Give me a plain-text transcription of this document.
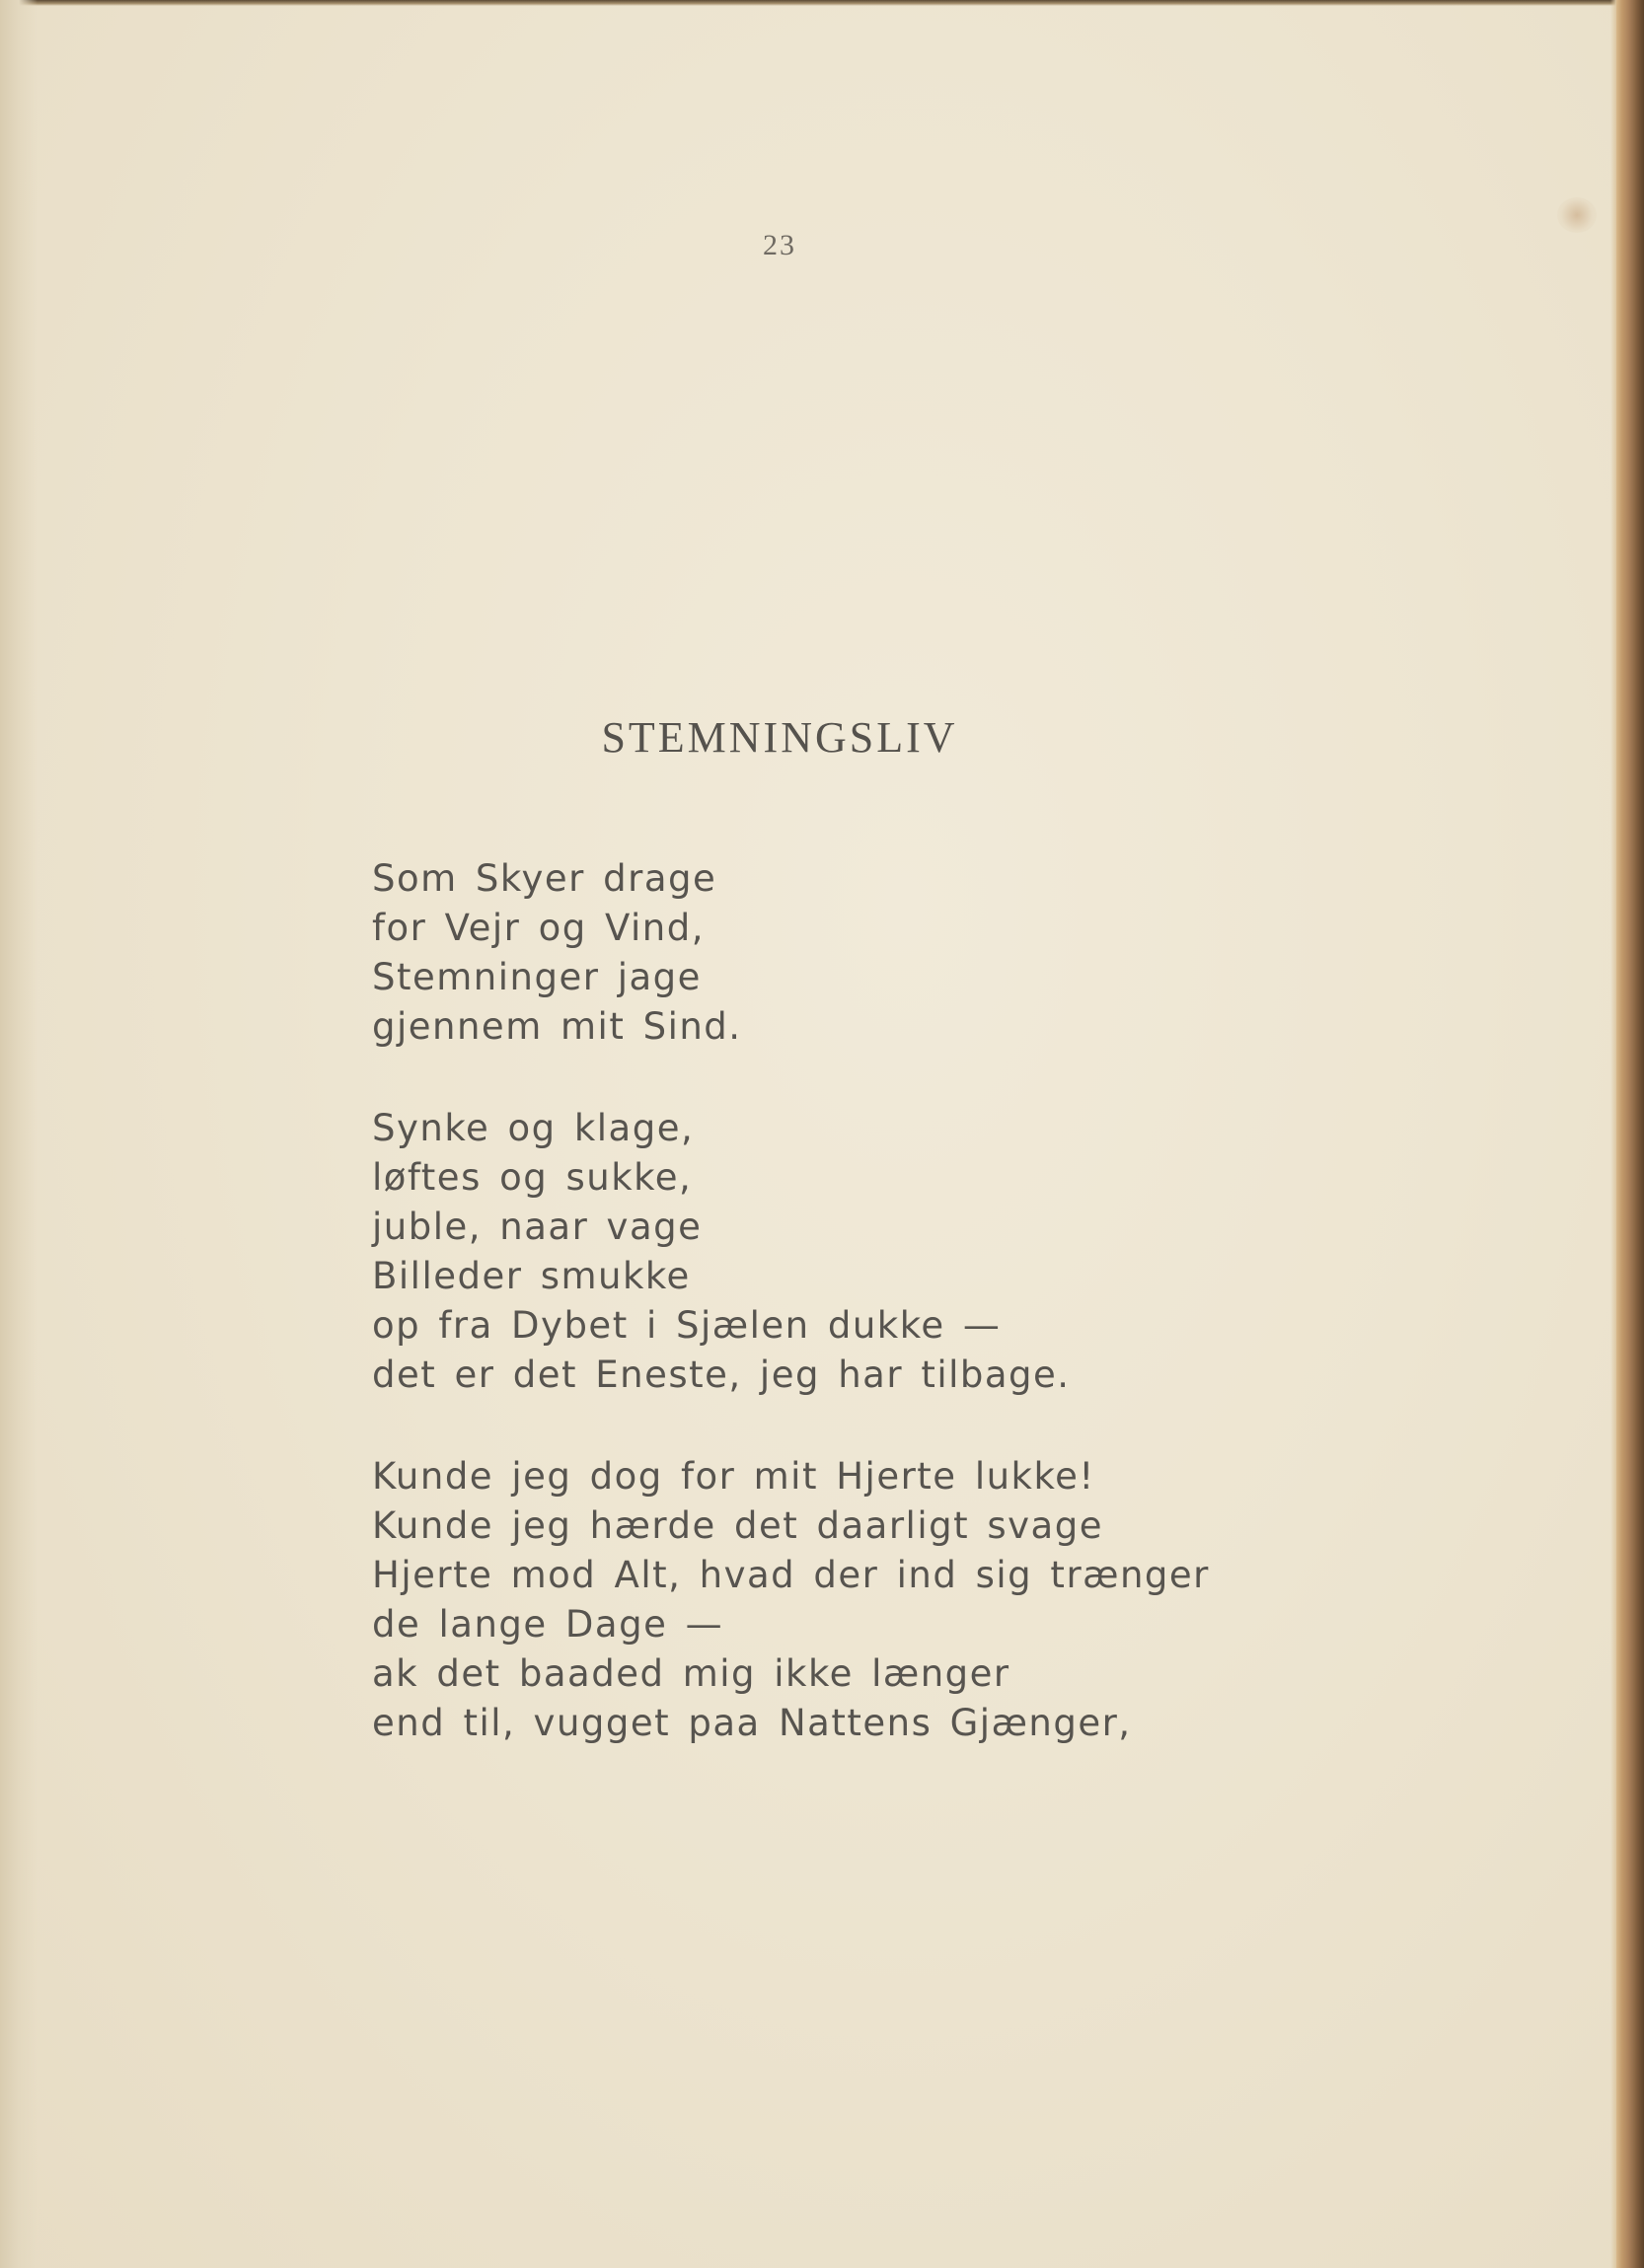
23
STEMNINGSLIV
Som Skyer drage
for Vejr og Vind,
Stemninger jage
gjennem mit Sind.
Synke og klage,
løftes og sukke,
juble, naar vage
Billeder smukke
op fra Dybet i Sjælen dukke —
det er det Eneste, jeg har tilbage.
Kunde jeg dog for mit Hjerte lukke!
Kunde jeg hærde det daarligt svage
Hjerte mod Alt, hvad der ind sig trænger
de lange Dage —
ak det baaded mig ikke længer
end til, vugget paa Nattens Gjænger,
